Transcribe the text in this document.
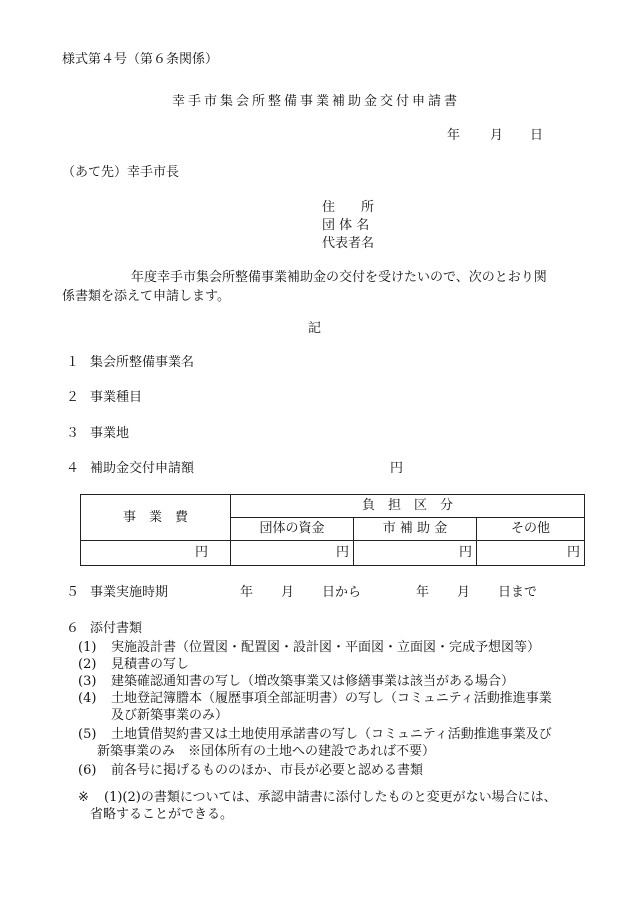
様式第４号（第６条関係）
幸手市集会所整備事業補助金交付申請書
年 月 日
（あて先）幸手市長
住　　所
団 体 名
代表者名
年度幸手市集会所整備事業補助金の交付を受けたいので、次のとおり関
係書類を添えて申請します。
記
１ 集会所整備事業名
２ 事業種目
３ 事業地
４ 補助金交付申請額	円
事　業　費	負　担　区　分		
	団体の資金	市 補 助 金	その他
円	円	円	円
５ 事業実施時期	年 月 日から	年 月 日まで
６ 添付書類
(1) 実施設計書（位置図・配置図・設計図・平面図・立面図・完成予想図等）
(2) 見積書の写し
(3) 建築確認通知書の写し（増改築事業又は修繕事業は該当がある場合）
(4) 土地登記簿謄本（履歴事項全部証明書）の写し（コミュニティ活動推進事業
及び新築事業のみ）
(5) 土地賃借契約書又は土地使用承諾書の写し（コミュニティ活動推進事業及び
新築事業のみ　※団体所有の土地への建設であれば不要）
(6) 前各号に掲げるもののほか、市長が必要と認める書類
※ (1)(2)の書類については、承認申請書に添付したものと変更がない場合には、
省略することができる。
